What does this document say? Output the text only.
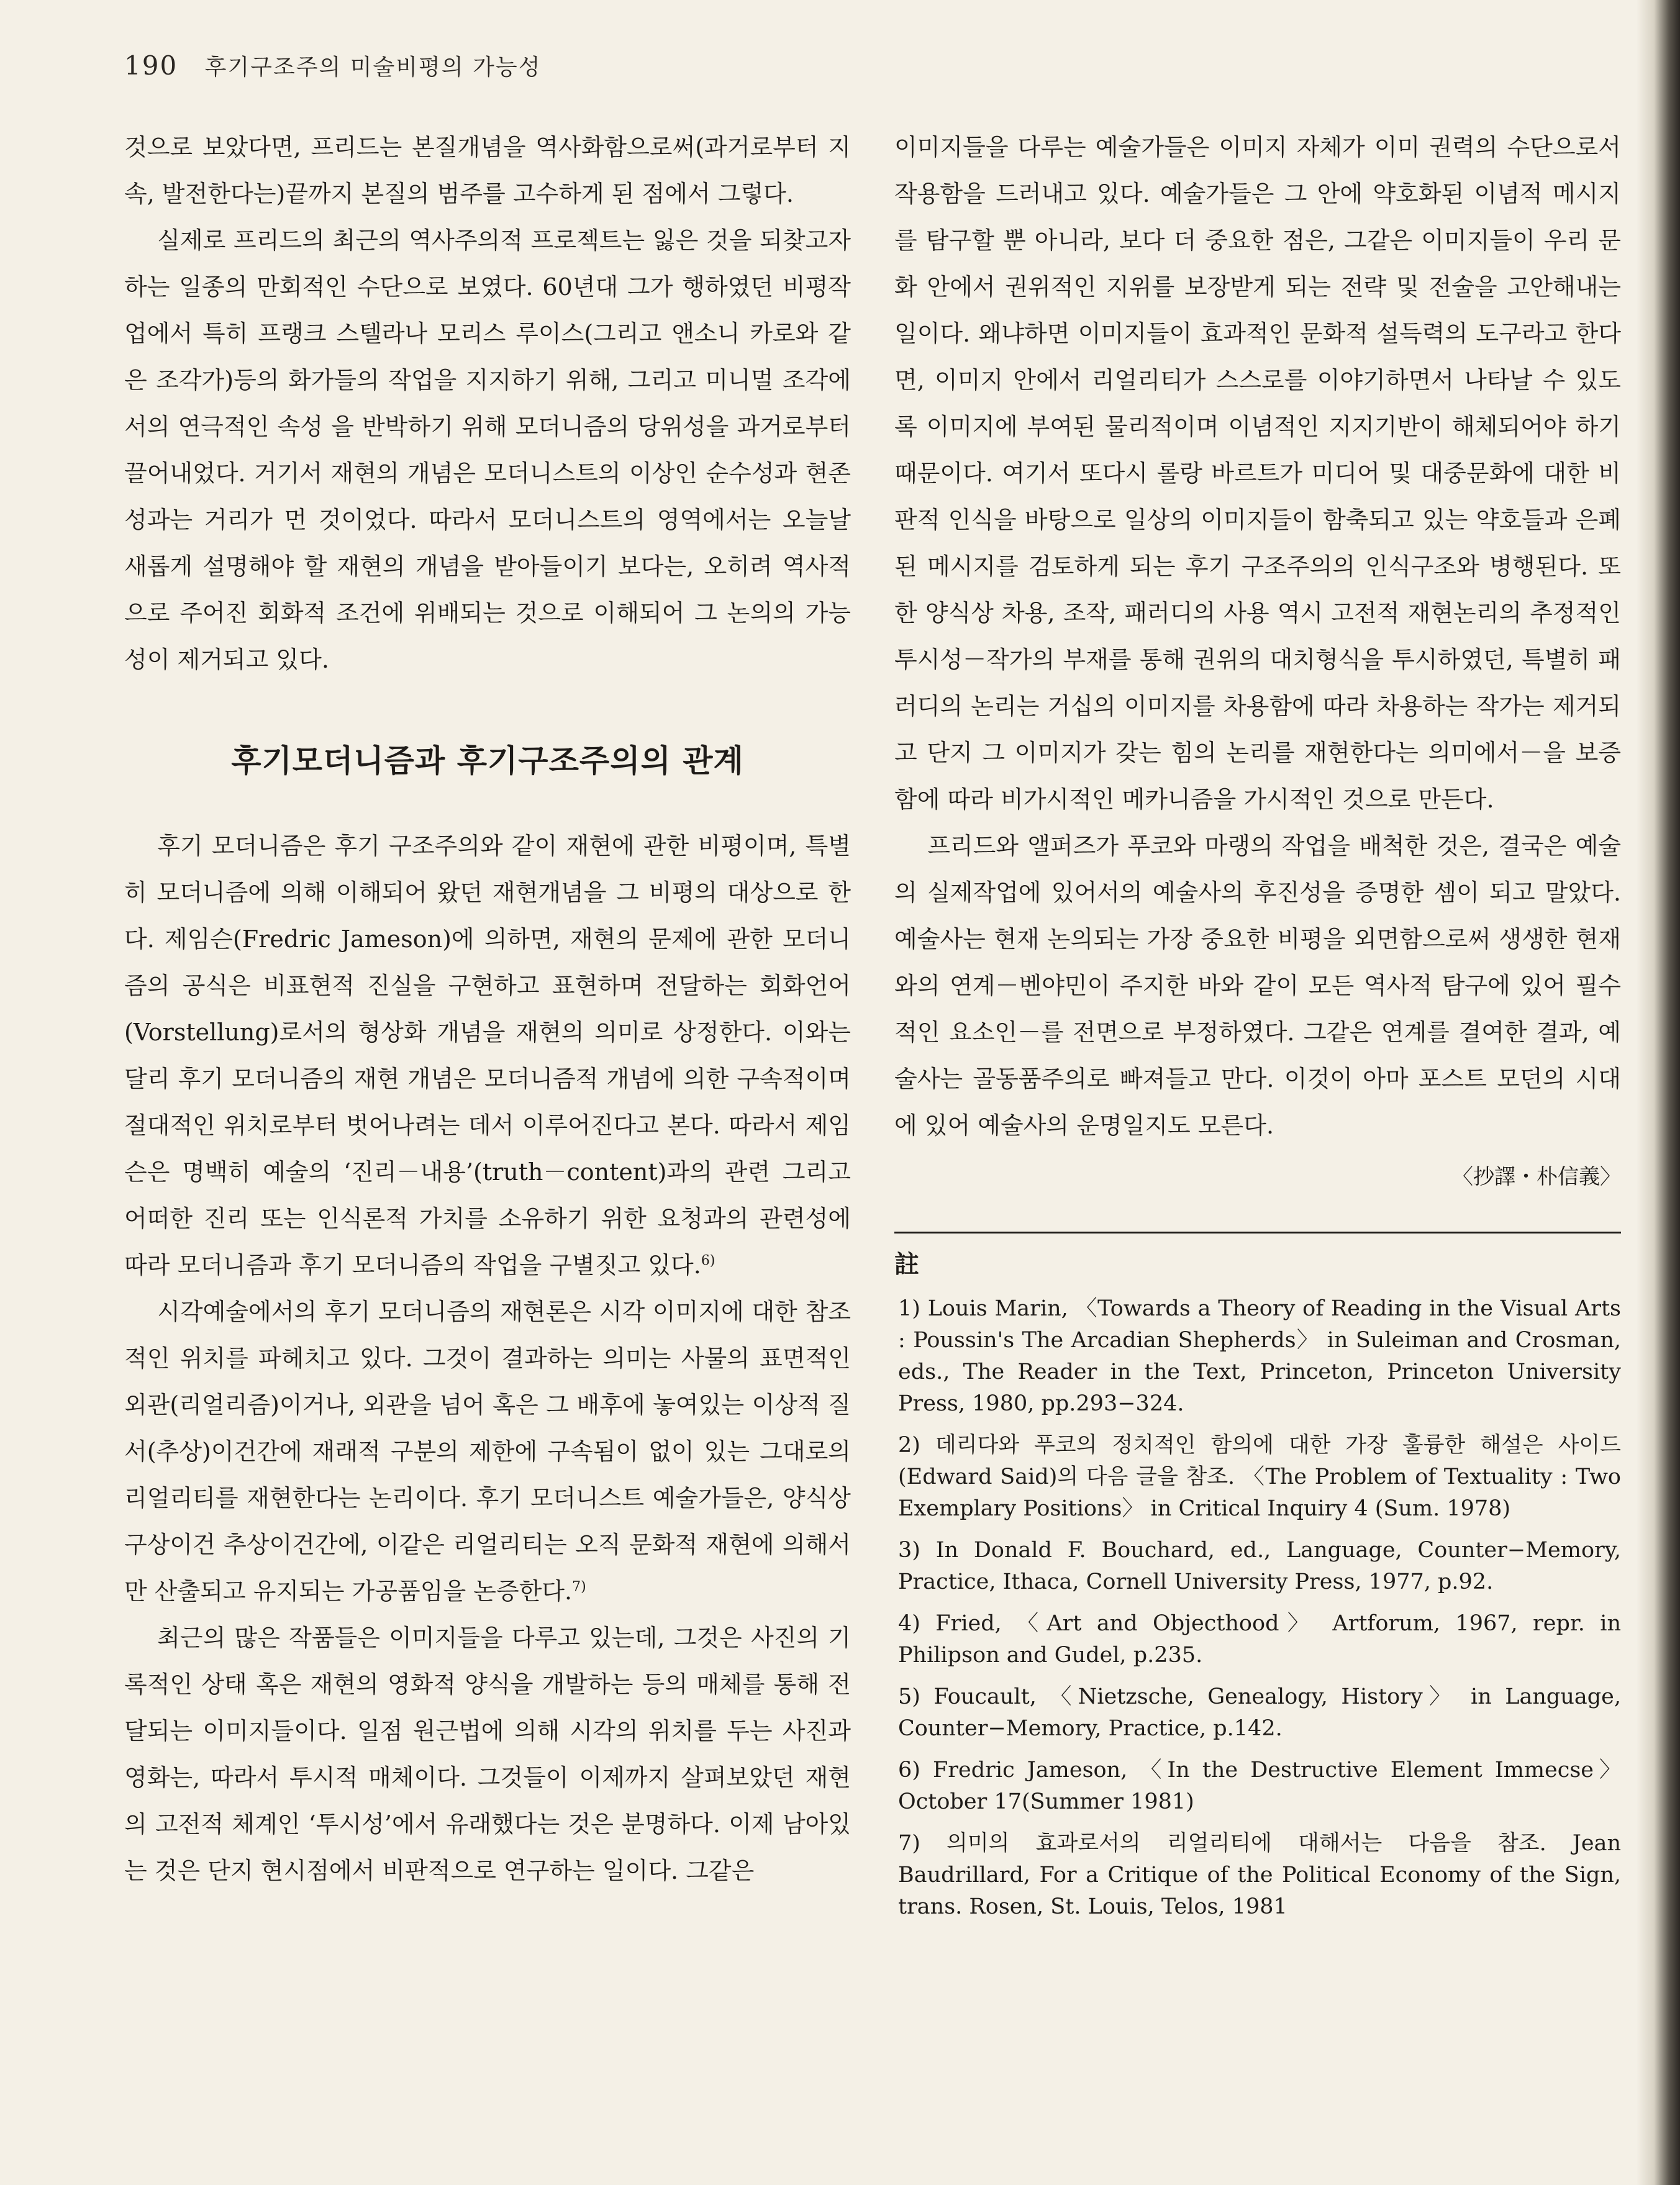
190 후기구조주의 미술비평의 가능성

것으로 보았다면, 프리드는 본질개념을 역사화함으로써(과거로부터 지속, 발전한다는)끝까지 본질의 범주를 고수하게 된 점에서 그렇다.

실제로 프리드의 최근의 역사주의적 프로젝트는 잃은 것을 되찾고자하는 일종의 만회적인 수단으로 보였다. 60년대 그가 행하였던 비평작업에서 특히 프랭크 스텔라나 모리스 루이스(그리고 앤소니 카로와 같은 조각가)등의 화가들의 작업을 지지하기 위해, 그리고 미니멀 조각에서의 연극적인 속성 을 반박하기 위해 모더니즘의 당위성을 과거로부터 끌어내었다. 거기서 재현의 개념은 모더니스트의 이상인 순수성과 현존성과는 거리가 먼 것이었다. 따라서 모더니스트의 영역에서는 오늘날 새롭게 설명해야 할 재현의 개념을 받아들이기 보다는, 오히려 역사적으로 주어진 회화적 조건에 위배되는 것으로 이해되어 그 논의의 가능성이 제거되고 있다.

후기모더니즘과 후기구조주의의 관계

후기 모더니즘은 후기 구조주의와 같이 재현에 관한 비평이며, 특별히 모더니즘에 의해 이해되어 왔던 재현개념을 그 비평의 대상으로 한다. 제임슨(Fredric Jameson)에 의하면, 재현의 문제에 관한 모더니즘의 공식은 비표현적 진실을 구현하고 표현하며 전달하는 회화언어(Vorstellung)로서의 형상화 개념을 재현의 의미로 상정한다. 이와는 달리 후기 모더니즘의 재현 개념은 모더니즘적 개념에 의한 구속적이며 절대적인 위치로부터 벗어나려는 데서 이루어진다고 본다. 따라서 제임슨은 명백히 예술의 ‘진리－내용’(truth－content)과의 관련 그리고 어떠한 진리 또는 인식론적 가치를 소유하기 위한 요청과의 관련성에 따라 모더니즘과 후기 모더니즘의 작업을 구별짓고 있다.$^{6)}$

시각예술에서의 후기 모더니즘의 재현론은 시각 이미지에 대한 참조적인 위치를 파헤치고 있다. 그것이 결과하는 의미는 사물의 표면적인 외관(리얼리즘)이거나, 외관을 넘어 혹은 그 배후에 놓여있는 이상적 질서(추상)이건간에 재래적 구분의 제한에 구속됨이 없이 있는 그대로의 리얼리티를 재현한다는 논리이다. 후기 모더니스트 예술가들은, 양식상 구상이건 추상이건간에, 이같은 리얼리티는 오직 문화적 재현에 의해서만 산출되고 유지되는 가공품임을 논증한다.$^{7)}$

최근의 많은 작품들은 이미지들을 다루고 있는데, 그것은 사진의 기록적인 상태 혹은 재현의 영화적 양식을 개발하는 등의 매체를 통해 전달되는 이미지들이다. 일점 원근법에 의해 시각의 위치를 두는 사진과 영화는, 따라서 투시적 매체이다. 그것들이 이제까지 살펴보았던 재현의 고전적 체계인 ‘투시성’에서 유래했다는 것은 분명하다. 이제 남아있는 것은 단지 현시점에서 비판적으로 연구하는 일이다. 그같은

이미지들을 다루는 예술가들은 이미지 자체가 이미 권력의 수단으로서 작용함을 드러내고 있다. 예술가들은 그 안에 약호화된 이념적 메시지를 탐구할 뿐 아니라, 보다 더 중요한 점은, 그같은 이미지들이 우리 문화 안에서 권위적인 지위를 보장받게 되는 전략 및 전술을 고안해내는 일이다. 왜냐하면 이미지들이 효과적인 문화적 설득력의 도구라고 한다면, 이미지 안에서 리얼리티가 스스로를 이야기하면서 나타날 수 있도록 이미지에 부여된 물리적이며 이념적인 지지기반이 해체되어야 하기 때문이다. 여기서 또다시 롤랑 바르트가 미디어 및 대중문화에 대한 비판적 인식을 바탕으로 일상의 이미지들이 함축되고 있는 약호들과 은폐된 메시지를 검토하게 되는 후기 구조주의의 인식구조와 병행된다. 또한 양식상 차용, 조작, 패러디의 사용 역시 고전적 재현논리의 추정적인 투시성－작가의 부재를 통해 권위의 대치형식을 투시하였던, 특별히 패러디의 논리는 거십의 이미지를 차용함에 따라 차용하는 작가는 제거되고 단지 그 이미지가 갖는 힘의 논리를 재현한다는 의미에서－을 보증함에 따라 비가시적인 메카니즘을 가시적인 것으로 만든다.

프리드와 앨퍼즈가 푸코와 마랭의 작업을 배척한 것은, 결국은 예술의 실제작업에 있어서의 예술사의 후진성을 증명한 셈이 되고 말았다. 예술사는 현재 논의되는 가장 중요한 비평을 외면함으로써 생생한 현재와의 연계－벤야민이 주지한 바와 같이 모든 역사적 탐구에 있어 필수적인 요소인－를 전면으로 부정하였다. 그같은 연계를 결여한 결과, 예술사는 골동품주의로 빠져들고 만다. 이것이 아마 포스트 모던의 시대에 있어 예술사의 운명일지도 모른다.

〈抄譯・朴信義〉
註
1) Louis Marin, 〈Towards a Theory of Reading in the Visual Arts : Poussin's The Arcadian Shepherds〉 in Suleiman and Crosman, eds., The Reader in the Text, Princeton, Princeton University Press, 1980, pp.293−324.
2) 데리다와 푸코의 정치적인 함의에 대한 가장 훌륭한 해설은 사이드(Edward Said)의 다음 글을 참조. 〈The Problem of Textuality : Two Exemplary Positions〉 in Critical Inquiry 4 (Sum. 1978)
3) In Donald F. Bouchard, ed., Language, Counter−Memory, Practice, Ithaca, Cornell University Press, 1977, p.92.
4) Fried, 〈Art and Objecthood〉 Artforum, 1967, repr. in Philipson and Gudel, p.235.
5) Foucault, 〈Nietzsche, Genealogy, History〉 in Language, Counter−Memory, Practice, p.142.
6) Fredric Jameson, 〈In the Destructive Element Immecse〉 October 17(Summer 1981)
7) 의미의 효과로서의 리얼리티에 대해서는 다음을 참조. Jean Baudrillard, For a Critique of the Political Economy of the Sign, trans. Rosen, St. Louis, Telos, 1981
